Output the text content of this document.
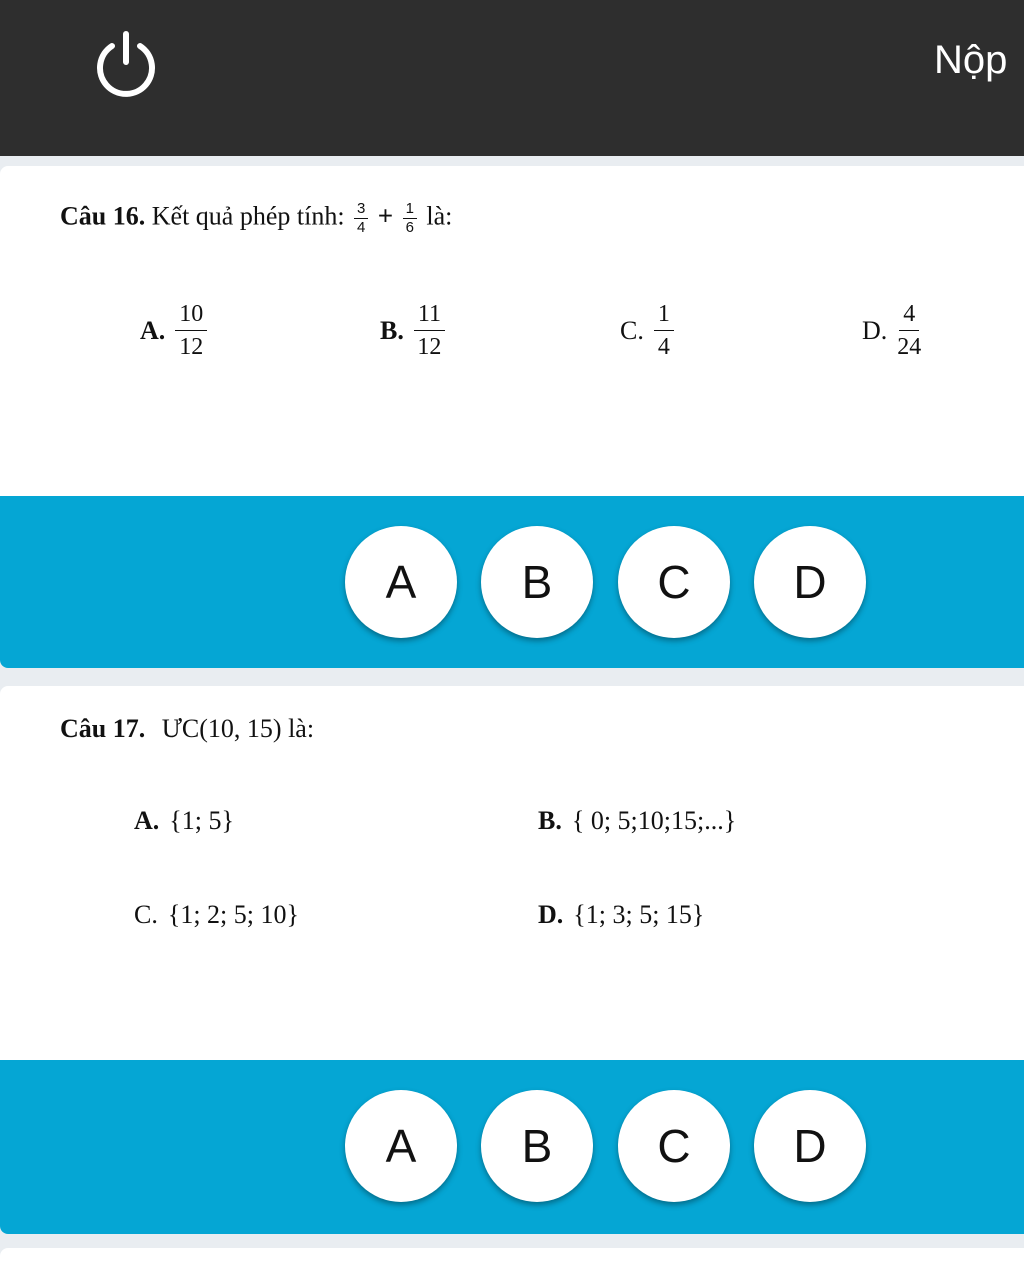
Nộp
Câu 16. Kết quả phép tính: $\frac{3}{4} + \frac{1}{6}$ là:
A. $\frac{10}{12}$	B. $\frac{11}{12}$	C. $\frac{1}{4}$	D. $\frac{4}{24}$
A	B	C	D
Câu 17. ƯC(10, 15) là:
A. {1; 5}	B. { 0; 5;10;15;...}
C. {1; 2; 5; 10}	D. {1; 3; 5; 15}
A	B	C	D
